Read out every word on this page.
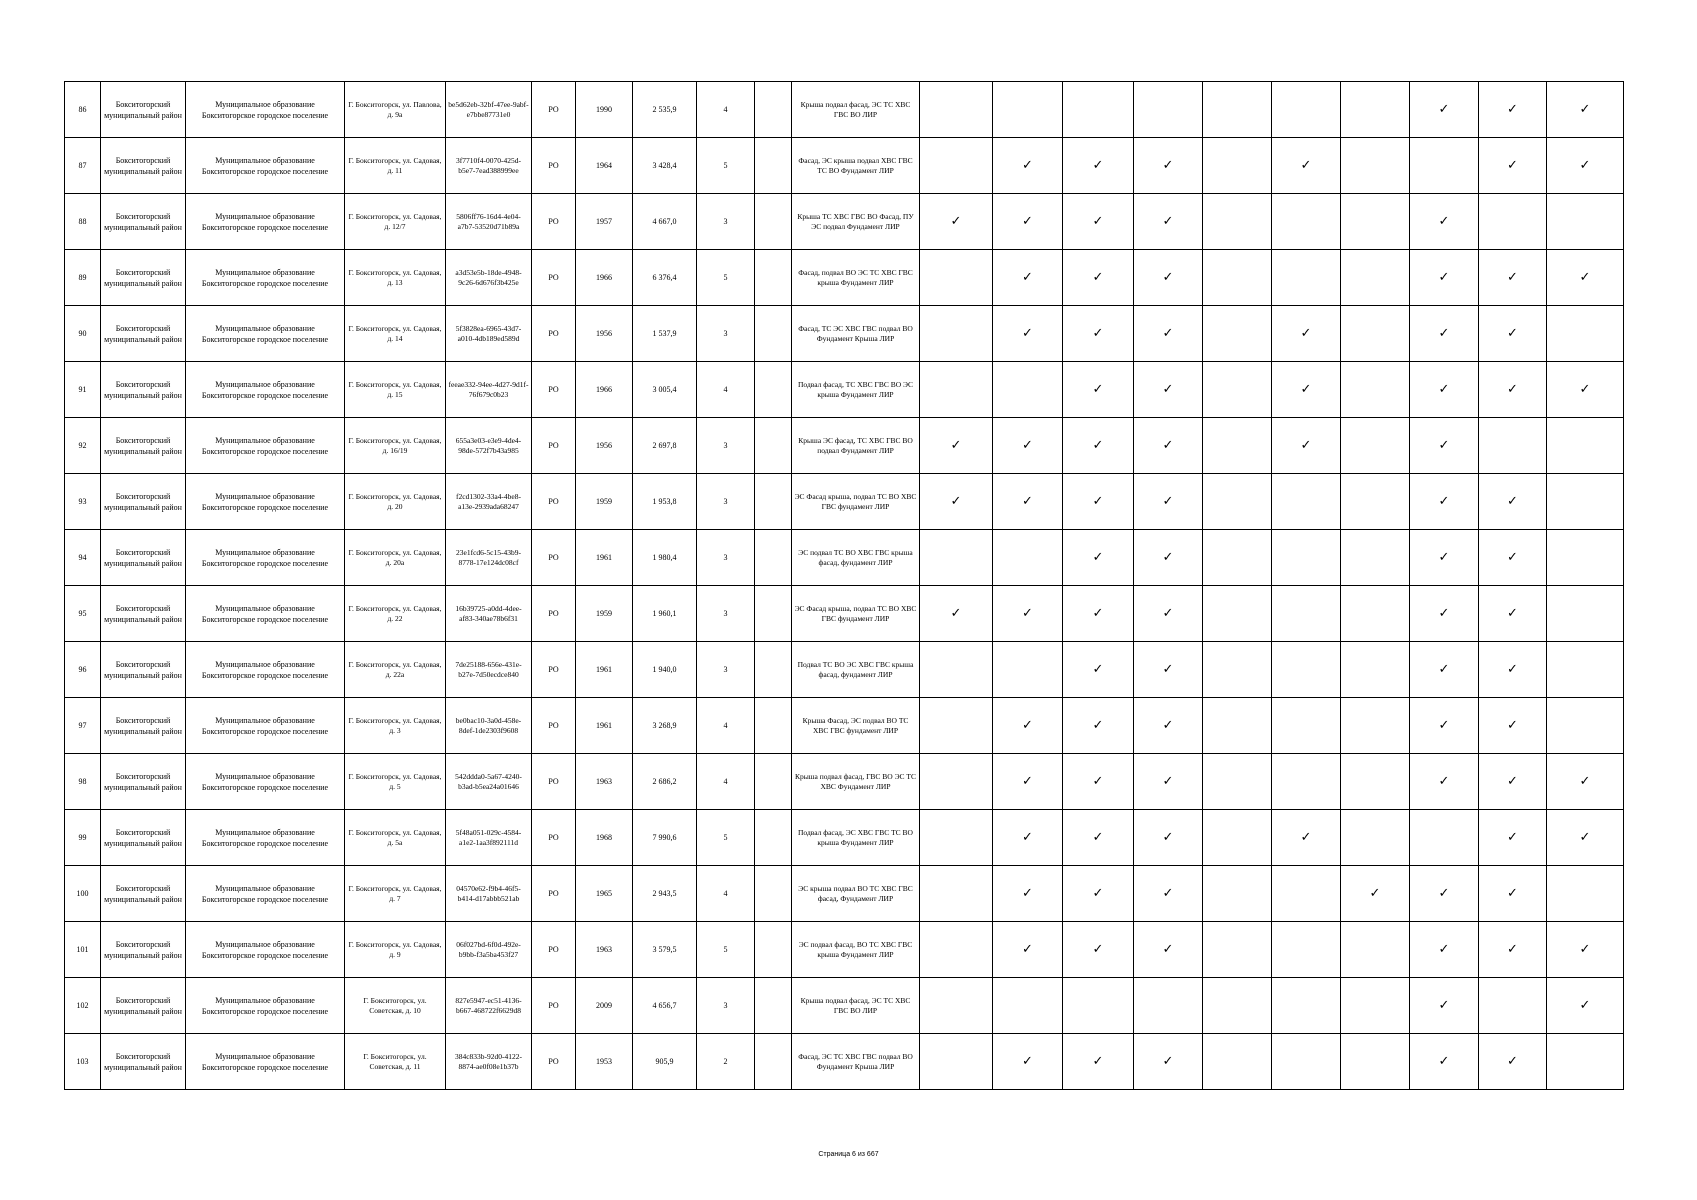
86	Бокситогорский муниципальный район	Муниципальное образование Бокситогорское городское поселение	Г. Бокситогорск, ул. Павлова, д. 9а	be5d62eb-32bf-47ee-9abf-e7bbe87731e0	РО	1990	2 535,9	4		Крыша подвал фасад, ЭС ТС ХВС ГВС ВО ЛИР								✓	✓	✓
87	Бокситогорский муниципальный район	Муниципальное образование Бокситогорское городское поселение	Г. Бокситогорск, ул. Садовая, д. 11	3f7710f4-0070-425d-b5e7-7ead388999ee	РО	1964	3 428,4	5		Фасад, ЭС крыша подвал ХВС ГВС ТС ВО Фундамент ЛИР		✓	✓	✓		✓			✓	✓
88	Бокситогорский муниципальный район	Муниципальное образование Бокситогорское городское поселение	Г. Бокситогорск, ул. Садовая, д. 12/7	5806ff76-16d4-4e04-a7b7-53520d71b89a	РО	1957	4 667,0	3		Крыша ТС ХВС ГВС ВО Фасад, ПУ ЭС подвал Фундамент ЛИР	✓	✓	✓	✓				✓		
89	Бокситогорский муниципальный район	Муниципальное образование Бокситогорское городское поселение	Г. Бокситогорск, ул. Садовая, д. 13	a3d53e5b-18de-4948-9c26-6d676f3b425e	РО	1966	6 376,4	5		Фасад, подвал ВО ЭС ТС ХВС ГВС крыша Фундамент ЛИР		✓	✓	✓				✓	✓	✓
90	Бокситогорский муниципальный район	Муниципальное образование Бокситогорское городское поселение	Г. Бокситогорск, ул. Садовая, д. 14	5f3828ea-6965-43d7-a010-4db189ed589d	РО	1956	1 537,9	3		Фасад, ТС ЭС ХВС ГВС подвал ВО Фундамент Крыша ЛИР		✓	✓	✓		✓		✓	✓	
91	Бокситогорский муниципальный район	Муниципальное образование Бокситогорское городское поселение	Г. Бокситогорск, ул. Садовая, д. 15	feeae332-94ee-4d27-9d1f-76f679c0b23	РО	1966	3 005,4	4		Подвал фасад, ТС ХВС ГВС ВО ЭС крыша Фундамент ЛИР			✓	✓		✓		✓	✓	✓
92	Бокситогорский муниципальный район	Муниципальное образование Бокситогорское городское поселение	Г. Бокситогорск, ул. Садовая, д. 16/19	655a3e03-e3e9-4de4-98de-572f7b43a985	РО	1956	2 697,8	3		Крыша ЭС фасад, ТС ХВС ГВС ВО подвал Фундамент ЛИР	✓	✓	✓	✓		✓		✓		
93	Бокситогорский муниципальный район	Муниципальное образование Бокситогорское городское поселение	Г. Бокситогорск, ул. Садовая, д. 20	f2cd1302-33a4-4be8-a13e-2939ada68247	РО	1959	1 953,8	3		ЭС Фасад крыша, подвал ТС ВО ХВС ГВС фундамент ЛИР	✓	✓	✓	✓				✓	✓	
94	Бокситогорский муниципальный район	Муниципальное образование Бокситогорское городское поселение	Г. Бокситогорск, ул. Садовая, д. 20а	23e1fcd6-5c15-43b9-8778-17e124dc08cf	РО	1961	1 980,4	3		ЭС подвал ТС ВО ХВС ГВС крыша фасад, фундамент ЛИР			✓	✓				✓	✓	
95	Бокситогорский муниципальный район	Муниципальное образование Бокситогорское городское поселение	Г. Бокситогорск, ул. Садовая, д. 22	16b39725-a0dd-4dee-af83-340ae78b6f31	РО	1959	1 960,1	3		ЭС Фасад крыша, подвал ТС ВО ХВС ГВС фундамент ЛИР	✓	✓	✓	✓				✓	✓	
96	Бокситогорский муниципальный район	Муниципальное образование Бокситогорское городское поселение	Г. Бокситогорск, ул. Садовая, д. 22а	7de25188-656e-431e-b27e-7d50ecdce840	РО	1961	1 940,0	3		Подвал ТС ВО ЭС ХВС ГВС крыша фасад, фундамент ЛИР			✓	✓				✓	✓	
97	Бокситогорский муниципальный район	Муниципальное образование Бокситогорское городское поселение	Г. Бокситогорск, ул. Садовая, д. 3	be0bac10-3a0d-458e-8def-1de2303f9608	РО	1961	3 268,9	4		Крыша Фасад, ЭС подвал ВО ТС ХВС ГВС фундамент ЛИР		✓	✓	✓				✓	✓	
98	Бокситогорский муниципальный район	Муниципальное образование Бокситогорское городское поселение	Г. Бокситогорск, ул. Садовая, д. 5	542ddda0-5a67-4240-b3ad-b5ea24a01646	РО	1963	2 686,2	4		Крыша подвал фасад, ГВС ВО ЭС ТС ХВС Фундамент ЛИР		✓	✓	✓				✓	✓	✓
99	Бокситогорский муниципальный район	Муниципальное образование Бокситогорское городское поселение	Г. Бокситогорск, ул. Садовая, д. 5а	5f48a051-029c-4584-a1e2-1aa3f892111d	РО	1968	7 990,6	5		Подвал фасад, ЭС ХВС ГВС ТС ВО крыша Фундамент ЛИР		✓	✓	✓		✓			✓	✓
100	Бокситогорский муниципальный район	Муниципальное образование Бокситогорское городское поселение	Г. Бокситогорск, ул. Садовая, д. 7	04570e62-f9b4-46f5-b414-d17abbb521ab	РО	1965	2 943,5	4		ЭС крыша подвал ВО ТС ХВС ГВС фасад, Фундамент ЛИР		✓	✓	✓			✓	✓	✓	
101	Бокситогорский муниципальный район	Муниципальное образование Бокситогорское городское поселение	Г. Бокситогорск, ул. Садовая, д. 9	06f027bd-6f0d-492e-b9bb-f3a5ba453f27	РО	1963	3 579,5	5		ЭС подвал фасад, ВО ТС ХВС ГВС крыша Фундамент ЛИР		✓	✓	✓				✓	✓	✓
102	Бокситогорский муниципальный район	Муниципальное образование Бокситогорское городское поселение	Г. Бокситогорск, ул. Советская, д. 10	827e5947-ec51-4136-b667-468722f6629d8	РО	2009	4 656,7	3		Крыша подвал фасад, ЭС ТС ХВС ГВС ВО ЛИР								✓		✓
103	Бокситогорский муниципальный район	Муниципальное образование Бокситогорское городское поселение	Г. Бокситогорск, ул. Советская, д. 11	384c833b-92d0-4122-8874-ae0f08e1b37b	РО	1953	905,9	2		Фасад, ЭС ТС ХВС ГВС подвал ВО Фундамент Крыша ЛИР		✓	✓	✓				✓	✓	
Страница 6 из 667
